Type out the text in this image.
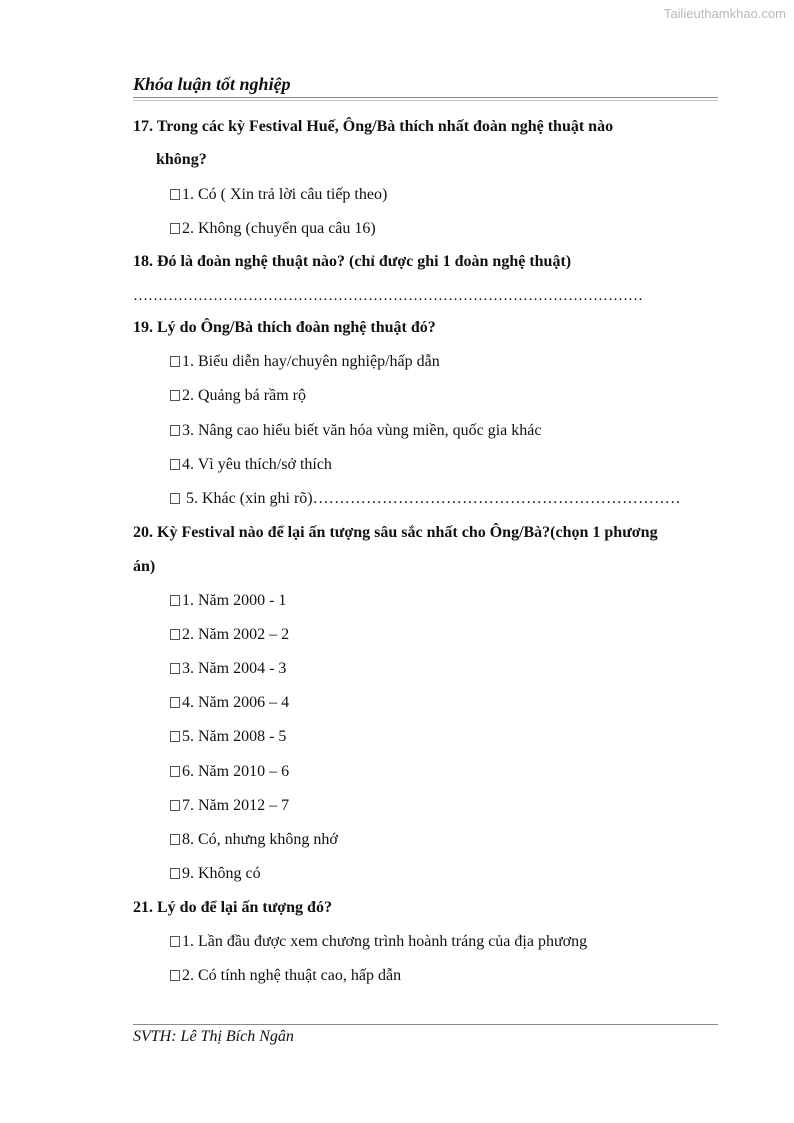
Tailieuthamkhao.com
Khóa luận tốt nghiệp
17. Trong các kỳ Festival Huế, Ông/Bà thích nhất đoàn nghệ thuật nào
không?
1. Có ( Xin trả lời câu tiếp theo)
2. Không (chuyển qua câu 16)
18. Đó là đoàn nghệ thuật nào? (chỉ được ghi 1 đoàn nghệ thuật)
…………………………………………………………………………………………
19. Lý do Ông/Bà thích đoàn nghệ thuật đó?
1. Biểu diễn hay/chuyên nghiệp/hấp dẫn
2. Quảng bá rầm rộ
3. Nâng cao hiểu biết văn hóa vùng miền, quốc gia khác
4. Vì yêu thích/sở thích
5. Khác (xin ghi rõ)……………………………………………………………
20. Kỳ Festival nào để lại ấn tượng sâu sắc nhất cho Ông/Bà?(chọn 1 phương
án)
1. Năm 2000 - 1
2. Năm 2002 – 2
3. Năm 2004 - 3
4. Năm 2006 – 4
5. Năm 2008 - 5
6. Năm 2010 – 6
7. Năm 2012 – 7
8. Có, nhưng không nhớ
9. Không có
21. Lý do để lại ấn tượng đó?
1. Lần đầu được xem chương trình hoành tráng của địa phương
2. Có tính nghệ thuật cao, hấp dẫn
SVTH: Lê Thị Bích Ngân
